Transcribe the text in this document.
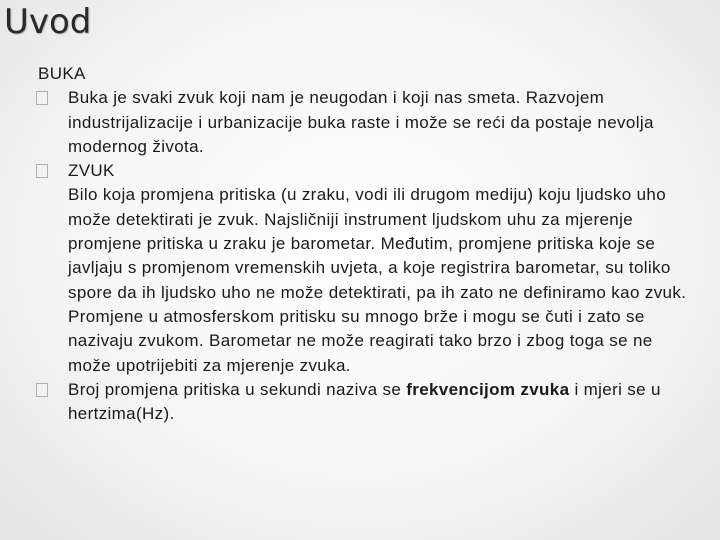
Uvod
BUKA
Buka je svaki zvuk koji nam je neugodan i koji nas smeta. Razvojem industrijalizacije i urbanizacije buka raste i može se reći da postaje nevolja modernog života.
ZVUK
Bilo koja promjena pritiska (u zraku, vodi ili drugom mediju) koju ljudsko uho može detektirati je zvuk. Najsličniji instrument ljudskom uhu za mjerenje promjene pritiska u zraku je barometar. Međutim, promjene pritiska koje se javljaju s promjenom vremenskih uvjeta, a koje registrira barometar, su toliko spore da ih ljudsko uho ne može detektirati, pa ih zato ne definiramo kao zvuk. Promjene u atmosferskom pritisku su mnogo brže i mogu se čuti i zato se nazivaju zvukom. Barometar ne može reagirati tako brzo i zbog toga se ne može upotrijebiti za mjerenje zvuka.
Broj promjena pritiska u sekundi naziva se frekvencijom zvuka i mjeri se u hertzima(Hz).
